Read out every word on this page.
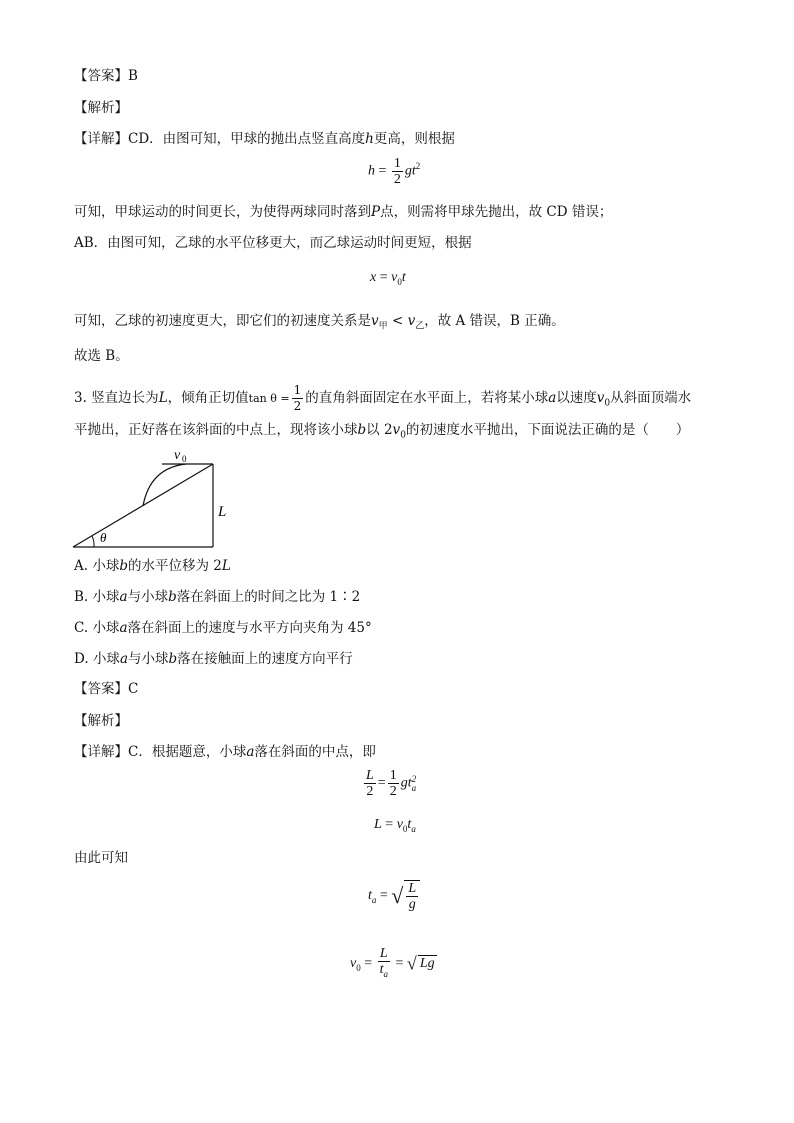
【答案】B
【解析】
【详解】CD．由图可知，甲球的抛出点竖直高度h更高，则根据
$h = \frac{1}{2} gt^2$
可知，甲球运动的时间更长，为使得两球同时落到P点，则需将甲球先抛出，故 CD 错误；
AB．由图可知，乙球的水平位移更大，而乙球运动时间更短，根据
$x = v_0t$
可知，乙球的初速度更大，即它们的初速度关系是$v_甲 < v_乙$，故 A 错误，B 正确。
故选 B。
3. 竖直边长为L，倾角正切值$\tan \theta = \frac{1}{2}$ 的直角斜面固定在水平面上，若将某小球a以速度$v_0$从斜面顶端水
平抛出，正好落在该斜面的中点上，现将该小球b以 $2v_0$的初速度水平抛出，下面说法正确的是（　　）
v 0
L
θ
A. 小球b的水平位移为 2L
B. 小球a与小球b落在斜面上的时间之比为 1∶2
C. 小球a落在斜面上的速度与水平方向夹角为 45°
D. 小球a与小球b落在接触面上的速度方向平行
【答案】C
【解析】
【详解】C．根据题意，小球a落在斜面的中点，即
$\frac{L}{2} = \frac{1}{2}$ gt 2
a
$L = v_0t_a$
由此可知
$t_a$ = √ $\frac{L}{g}$
$v_0 = \frac{L}{t_a}$ = √ Lg
